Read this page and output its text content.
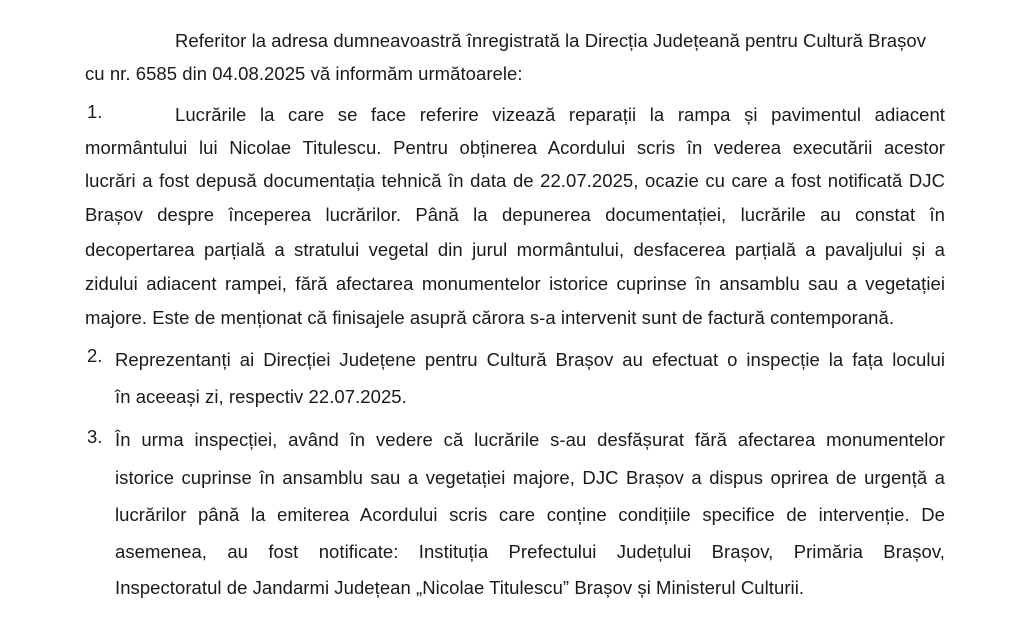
Referitor la adresa dumneavoastră înregistrată la Direcția Județeană pentru Cultură Brașov
cu nr. 6585 din 04.08.2025 vă informăm următoarele:
1.	Lucrările la care se face referire vizează reparații la rampa și pavimentul adiacent
mormântului lui Nicolae Titulescu. Pentru obținerea Acordului scris în vederea executării acestor
lucrări a fost depusă documentația tehnică în data de 22.07.2025, ocazie cu care a fost notificată DJC
Brașov despre începerea lucrărilor. Până la depunerea documentației, lucrările au constat în
decopertarea parțială a stratului vegetal din jurul mormântului, desfacerea parțială a pavaljului și a
zidului adiacent rampei, fără afectarea monumentelor istorice cuprinse în ansamblu sau a vegetației
majore. Este de menționat că finisajele asupră cărora s-a intervenit sunt de factură contemporană.
2. Reprezentanți ai Direcției Județene pentru Cultură Brașov au efectuat o inspecție la fața locului
în aceeași zi, respectiv 22.07.2025.
3. În urma inspecției, având în vedere că lucrările s-au desfășurat fără afectarea monumentelor
istorice cuprinse în ansamblu sau a vegetației majore, DJC Brașov a dispus oprirea de urgență a
lucrărilor până la emiterea Acordului scris care conține condițiile specifice de intervenție. De
asemenea, au fost notificate: Instituția Prefectului Județului Brașov, Primăria Brașov,
Inspectoratul de Jandarmi Județean „Nicolae Titulescu” Brașov și Ministerul Culturii.
